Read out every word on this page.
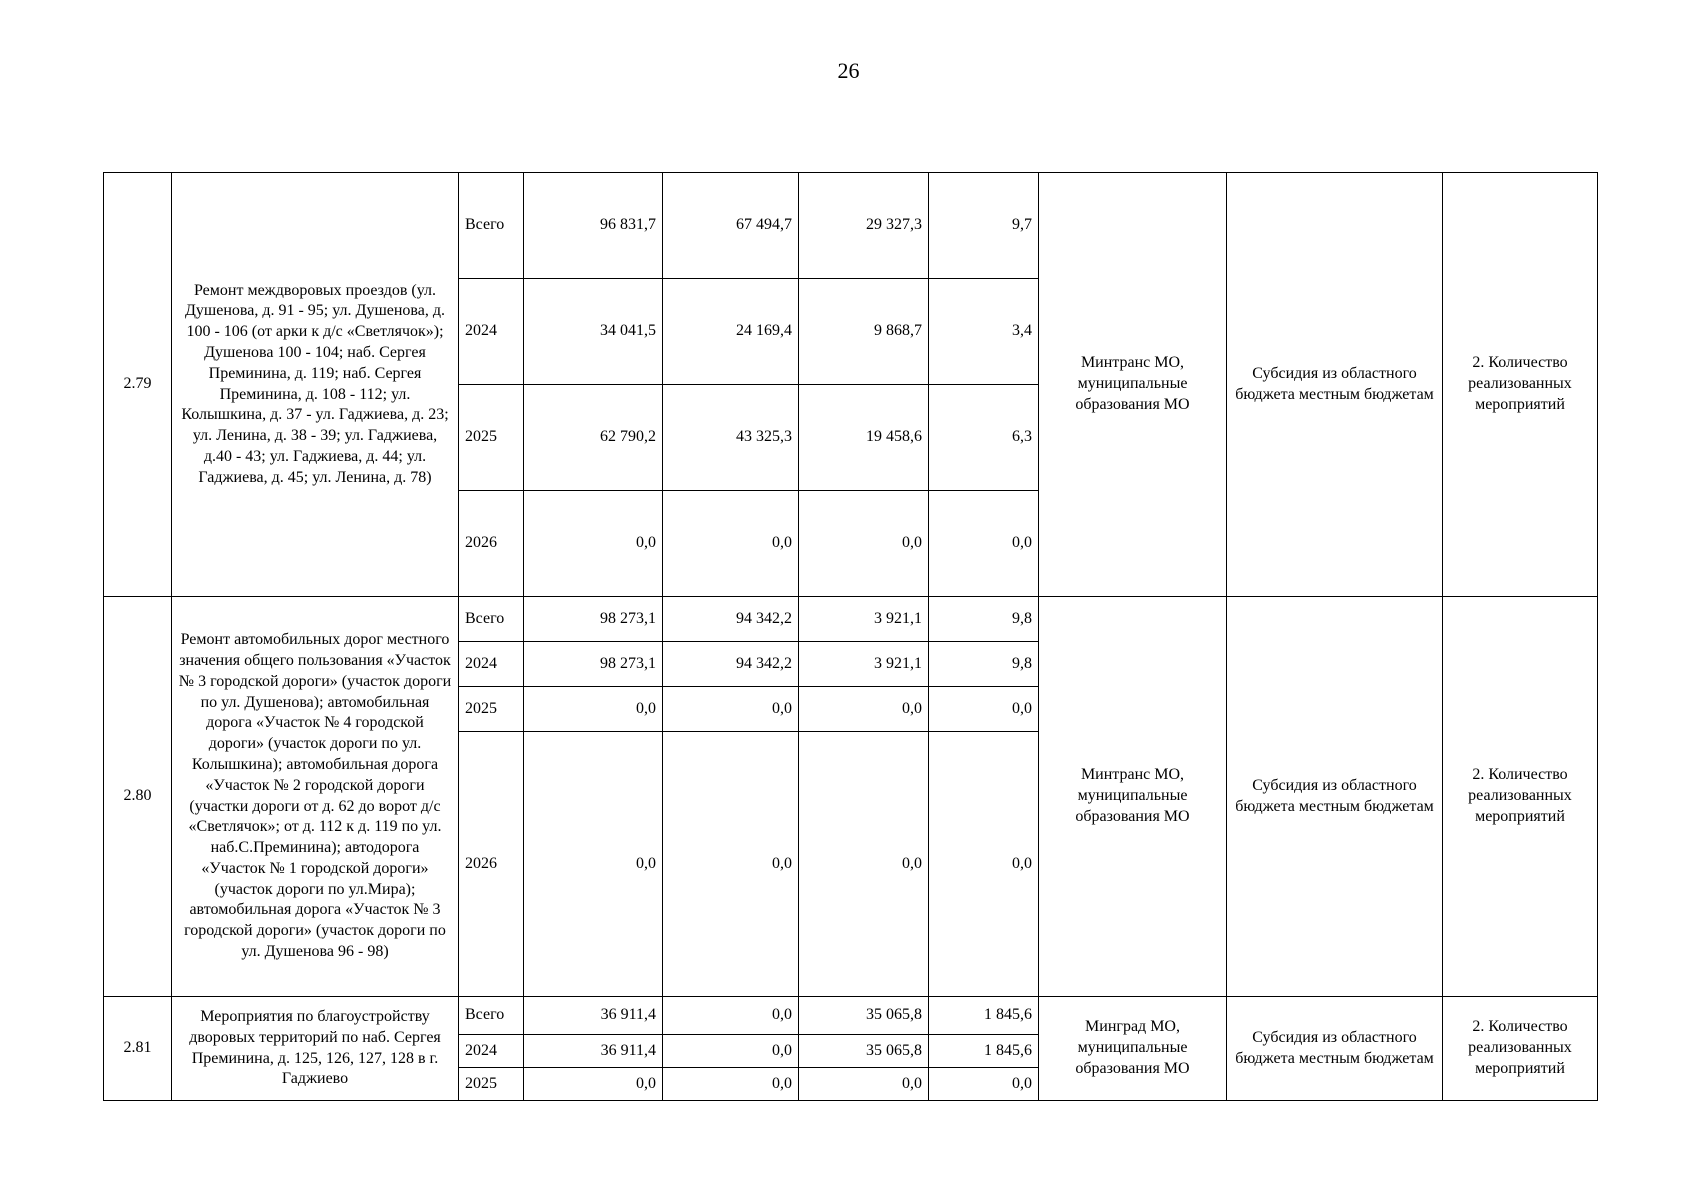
26
2.79	Ремонт междворовых проездов (ул. Душенова, д. 91 - 95; ул. Душенова, д. 100 - 106 (от арки к д/с «Светлячок»); Душенова 100 - 104; наб. Сергея Преминина, д. 119; наб. Сергея Преминина, д. 108 - 112; ул. Колышкина, д. 37 - ул. Гаджиева, д. 23; ул. Ленина, д. 38 - 39; ул. Гаджиева, д.40 - 43; ул. Гаджиева, д. 44; ул. Гаджиева, д. 45; ул. Ленина, д. 78)	Всего	96 831,7	67 494,7	29 327,3	9,7	Минтранс МО, муниципальные образования МО	Субсидия из областного бюджета местным бюджетам	2. Количество реализованных мероприятий
		2024	34 041,5	24 169,4	9 868,7	3,4			
		2025	62 790,2	43 325,3	19 458,6	6,3			
		2026	0,0	0,0	0,0	0,0			
2.80	Ремонт автомобильных дорог местного значения общего пользования «Участок № 3 городской дороги» (участок дороги по ул. Душенова); автомобильная дорога «Участок № 4 городской дороги» (участок дороги по ул. Колышкина); автомобильная дорога «Участок № 2 городской дороги (участки дороги от д. 62 до ворот д/с «Светлячок»; от д. 112 к д. 119 по ул. наб.С.Преминина); автодорога «Участок № 1 городской дороги» (участок дороги по ул.Мира); автомобильная дорога «Участок № 3 городской дороги» (участок дороги по ул. Душенова 96 - 98)	Всего	98 273,1	94 342,2	3 921,1	9,8	Минтранс МО, муниципальные образования МО	Субсидия из областного бюджета местным бюджетам	2. Количество реализованных мероприятий
		2024	98 273,1	94 342,2	3 921,1	9,8			
		2025	0,0	0,0	0,0	0,0			
		2026	0,0	0,0	0,0	0,0			
2.81	Мероприятия по благоустройству дворовых территорий по наб. Сергея Преминина, д. 125, 126, 127, 128 в г. Гаджиево	Всего	36 911,4	0,0	35 065,8	1 845,6	Минград МО, муниципальные образования МО	Субсидия из областного бюджета местным бюджетам	2. Количество реализованных мероприятий
		2024	36 911,4	0,0	35 065,8	1 845,6			
		2025	0,0	0,0	0,0	0,0			
